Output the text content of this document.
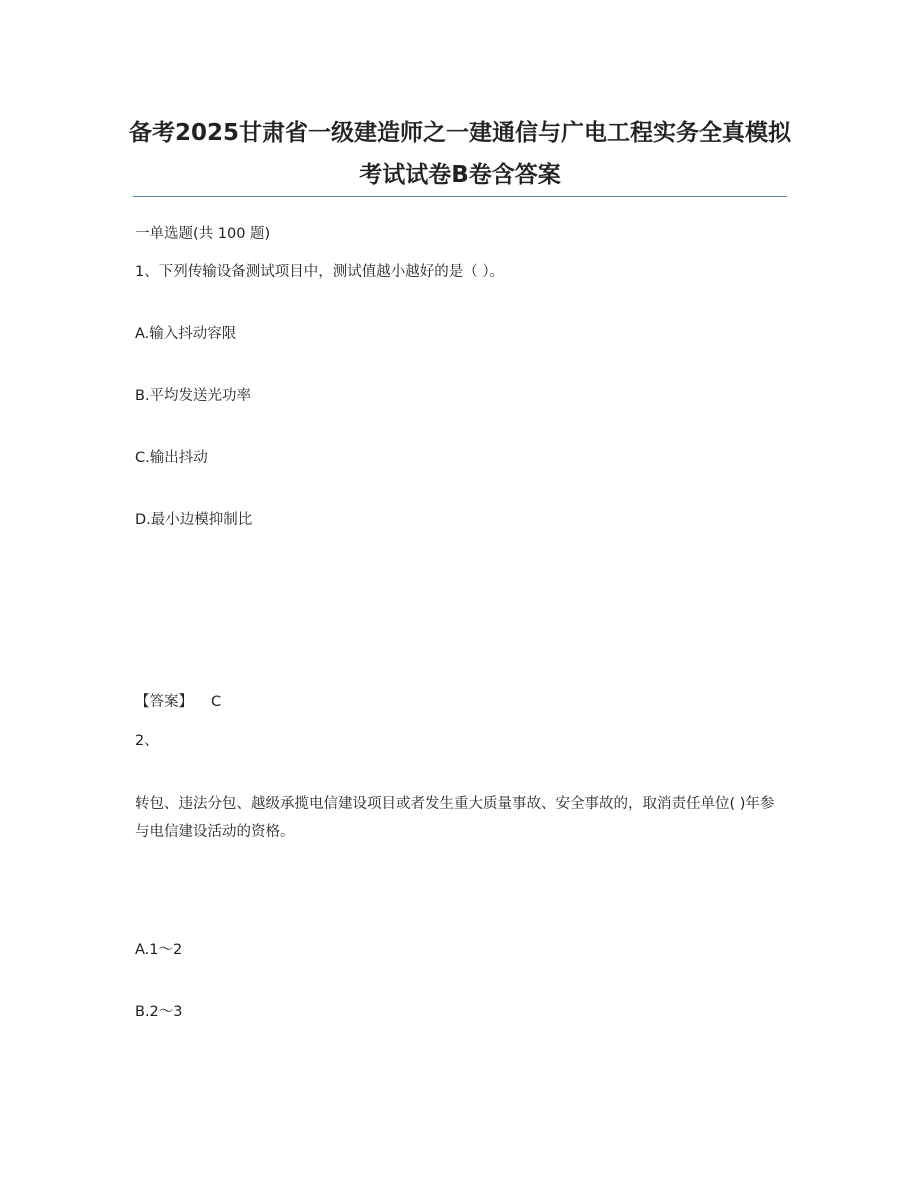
备考2025甘肃省一级建造师之一建通信与广电工程实务全真模拟考试试卷B卷含答案
一单选题(共 100 题)
1、下列传输设备测试项目中，测试值越小越好的是（ ）。
A.输入抖动容限
B.平均发送光功率
C.输出抖动
D.最小边模抑制比
【答案】 C
2、
转包、违法分包、越级承揽电信建设项目或者发生重大质量事故、安全事故的，取消责任单位( )年参与电信建设活动的资格。
A.1～2
B.2～3
